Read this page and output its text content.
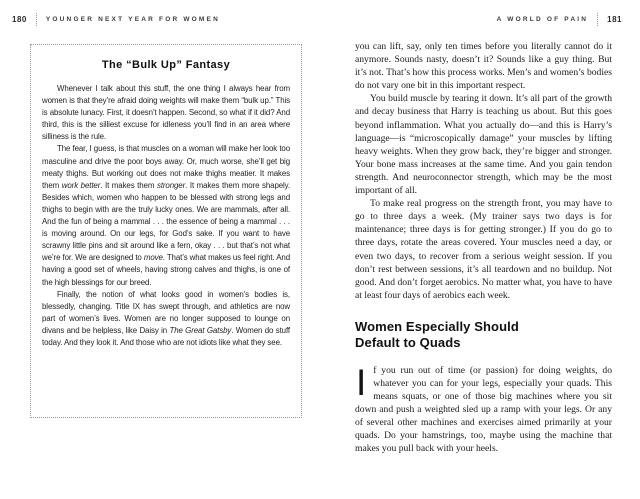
180	YOUNGER NEXT YEAR FOR WOMEN	A WORLD OF PAIN 181
The “Bulk Up” Fantasy

Whenever I talk about this stuff, the one thing I always hear from women is that they’re afraid doing weights will make them “bulk up.” This is absolute lunacy. First, it doesn’t happen. Second, so what if it did? And third, this is the silliest excuse for idleness you’ll find in an area where silliness is the rule.

The fear, I guess, is that muscles on a woman will make her look too masculine and drive the poor boys away. Or, much worse, she’ll get big meaty thighs. But working out does not make thighs meatier. It makes them work better. It makes them stronger. It makes them more shapely. Besides which, women who happen to be blessed with strong legs and thighs to begin with are the truly lucky ones. We are mammals, after all. And the fun of being a mammal . . . the essence of being a mammal . . . is moving around. On our legs, for God’s sake. If you want to have scrawny little pins and sit around like a fern, okay . . . but that’s not what we’re for. We are designed to move. That’s what makes us feel right. And having a good set of wheels, having strong calves and thighs, is one of the high blessings for our breed.

Finally, the notion of what looks good in women’s bodies is, blessedly, changing. Title IX has swept through, and athletics are now part of women’s lives. Women are no longer supposed to lounge on divans and be helpless, like Daisy in The Great Gatsby. Women do stuff today. And they look it. And those who are not idiots like what they see.

you can lift, say, only ten times before you literally cannot do it anymore. Sounds nasty, doesn’t it? Sounds like a guy thing. But it’s not. That’s how this process works. Men’s and women’s bodies do not vary one bit in this important respect.

You build muscle by tearing it down. It’s all part of the growth and decay business that Harry is teaching us about. But this goes beyond inflammation. What you actually do—and this is Harry’s language—is “microscopically damage” your muscles by lifting heavy weights. When they grow back, they’re bigger and stronger. Your bone mass increases at the same time. And you gain tendon strength. And neuroconnector strength, which may be the most important of all.

To make real progress on the strength front, you may have to go to three days a week. (My trainer says two days is for maintenance; three days is for getting stronger.) If you do go to three days, rotate the areas covered. Your muscles need a day, or even two days, to recover from a serious weight session. If you don’t rest between sessions, it’s all teardown and no buildup. Not good. And don’t forget aerobics. No matter what, you have to have at least four days of aerobics each week.

Women Especially Should
Default to Quads

If you run out of time (or passion) for doing weights, do whatever you can for your legs, especially your quads. This means squats, or one of those big machines where you sit down and push a weighted sled up a ramp with your legs. Or any of several other machines and exercises aimed primarily at your quads. Do your hamstrings, too, maybe using the machine that makes you pull back with your heels.
